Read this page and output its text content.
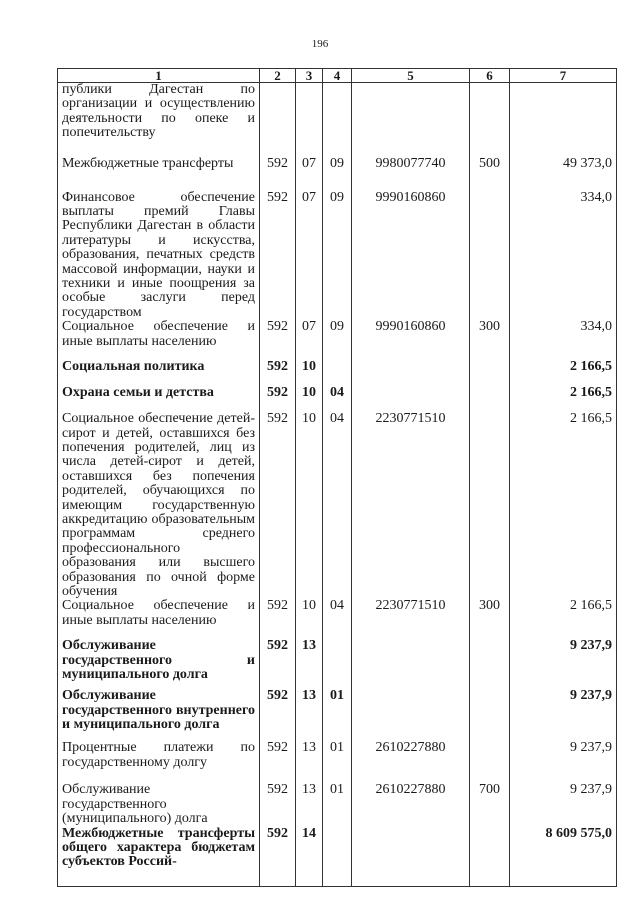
196
1	2	3	4	5	6	7
публики Дагестан по организации и осуществлению деятельности по опеке и попечительству						
Межбюджетные трансферты	592	07	09	9980077740	500	49 373,0
Финансовое обеспечение выплаты премий Главы Республики Дагестан в области литературы и искусства, образования, печатных средств массовой информации, науки и техники и иные поощрения за особые заслуги перед государством	592	07	09	9990160860		334,0
Социальное обеспечение и иные выплаты населению	592	07	09	9990160860	300	334,0
Социальная политика	592	10				2 166,5
Охрана семьи и детства	592	10	04			2 166,5
Социальное обеспечение детей-сирот и детей, оставшихся без попечения родителей, лиц из числа детей-сирот и детей, оставшихся без попечения родителей, обучающихся по имеющим государственную аккредитацию образовательным программам среднего профессионального образования или высшего образования по очной форме обучения	592	10	04	2230771510		2 166,5
Социальное обеспечение и иные выплаты населению	592	10	04	2230771510	300	2 166,5
Обслуживание государственного и муниципального долга	592	13				9 237,9
Обслуживание государственного внутреннего и муниципального долга	592	13	01			9 237,9
Процентные платежи по государственному долгу	592	13	01	2610227880		9 237,9
Обслуживание государственного (муниципального) долга	592	13	01	2610227880	700	9 237,9
Межбюджетные трансферты общего характера бюджетам субъектов Россий-	592	14				8 609 575,0
